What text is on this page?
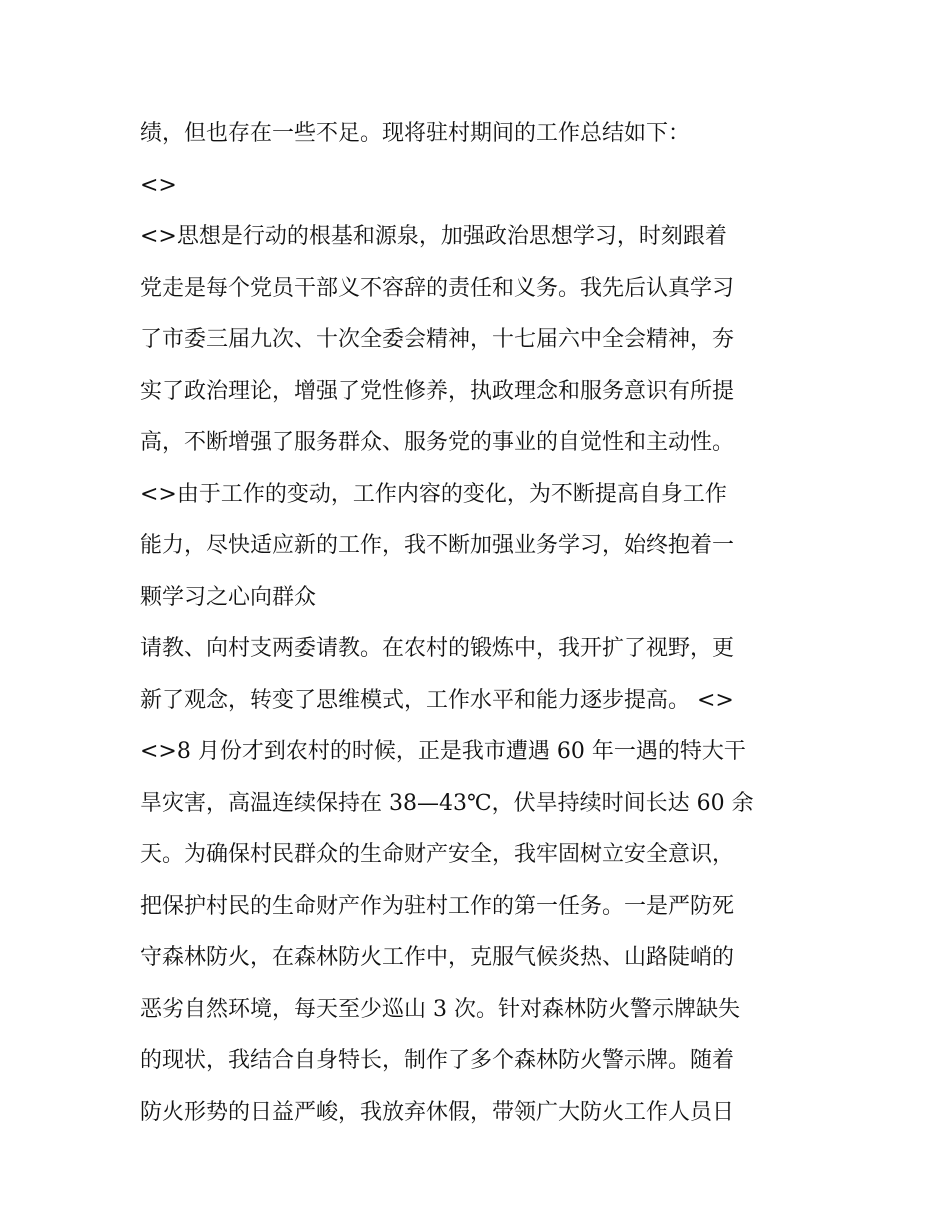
绩，但也存在一些不足。现将驻村期间的工作总结如下：
<>
<>思想是行动的根基和源泉，加强政治思想学习，时刻跟着
党走是每个党员干部义不容辞的责任和义务。我先后认真学习
了市委三届九次、十次全委会精神，十七届六中全会精神，夯
实了政治理论，增强了党性修养，执政理念和服务意识有所提
高，不断增强了服务群众、服务党的事业的自觉性和主动性。
<>由于工作的变动，工作内容的变化，为不断提高自身工作
能力，尽快适应新的工作，我不断加强业务学习，始终抱着一
颗学习之心向群众
请教、向村支两委请教。在农村的锻炼中，我开扩了视野，更
新了观念，转变了思维模式，工作水平和能力逐步提高。 <>
<>8 月份才到农村的时候，正是我市遭遇 60 年一遇的特大干
旱灾害，高温连续保持在 38—43℃，伏旱持续时间长达 60 余
天。为确保村民群众的生命财产安全，我牢固树立安全意识，
把保护村民的生命财产作为驻村工作的第一任务。一是严防死
守森林防火，在森林防火工作中，克服气候炎热、山路陡峭的
恶劣自然环境，每天至少巡山 3 次。针对森林防火警示牌缺失
的现状，我结合自身特长，制作了多个森林防火警示牌。随着
防火形势的日益严峻，我放弃休假，带领广大防火工作人员日
